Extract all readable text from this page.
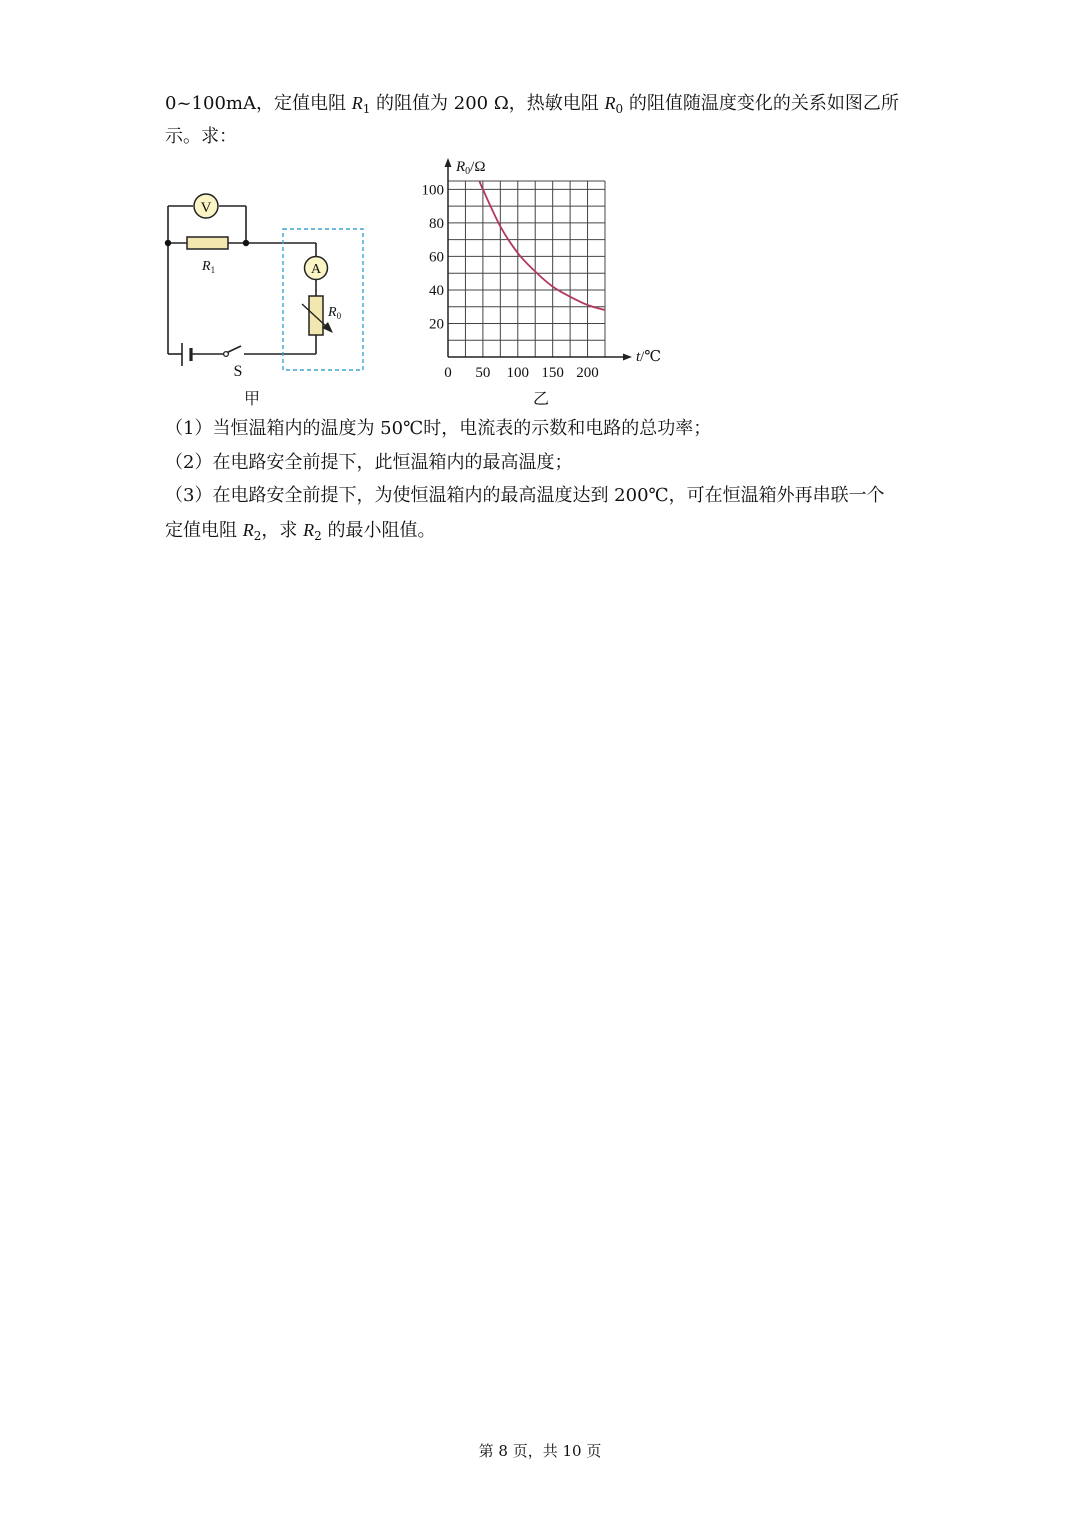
0~100mA，定值电阻 $R_1$ 的阻值为 200 Ω，热敏电阻 $R_0$ 的阻值随温度变化的关系如图乙所
示。求：
V
$R_1$	A
$R_0$
S
甲
$R_0/\Omega$
t/℃
0 50 100 150 200
20
40
60
80
100
乙
（1）当恒温箱内的温度为 50℃时，电流表的示数和电路的总功率；
（2）在电路安全前提下，此恒温箱内的最高温度；
（3）在电路安全前提下，为使恒温箱内的最高温度达到 200℃，可在恒温箱外再串联一个
定值电阻 $R_2$，求 $R_2$ 的最小阻值。
第 8 页，共 10 页
